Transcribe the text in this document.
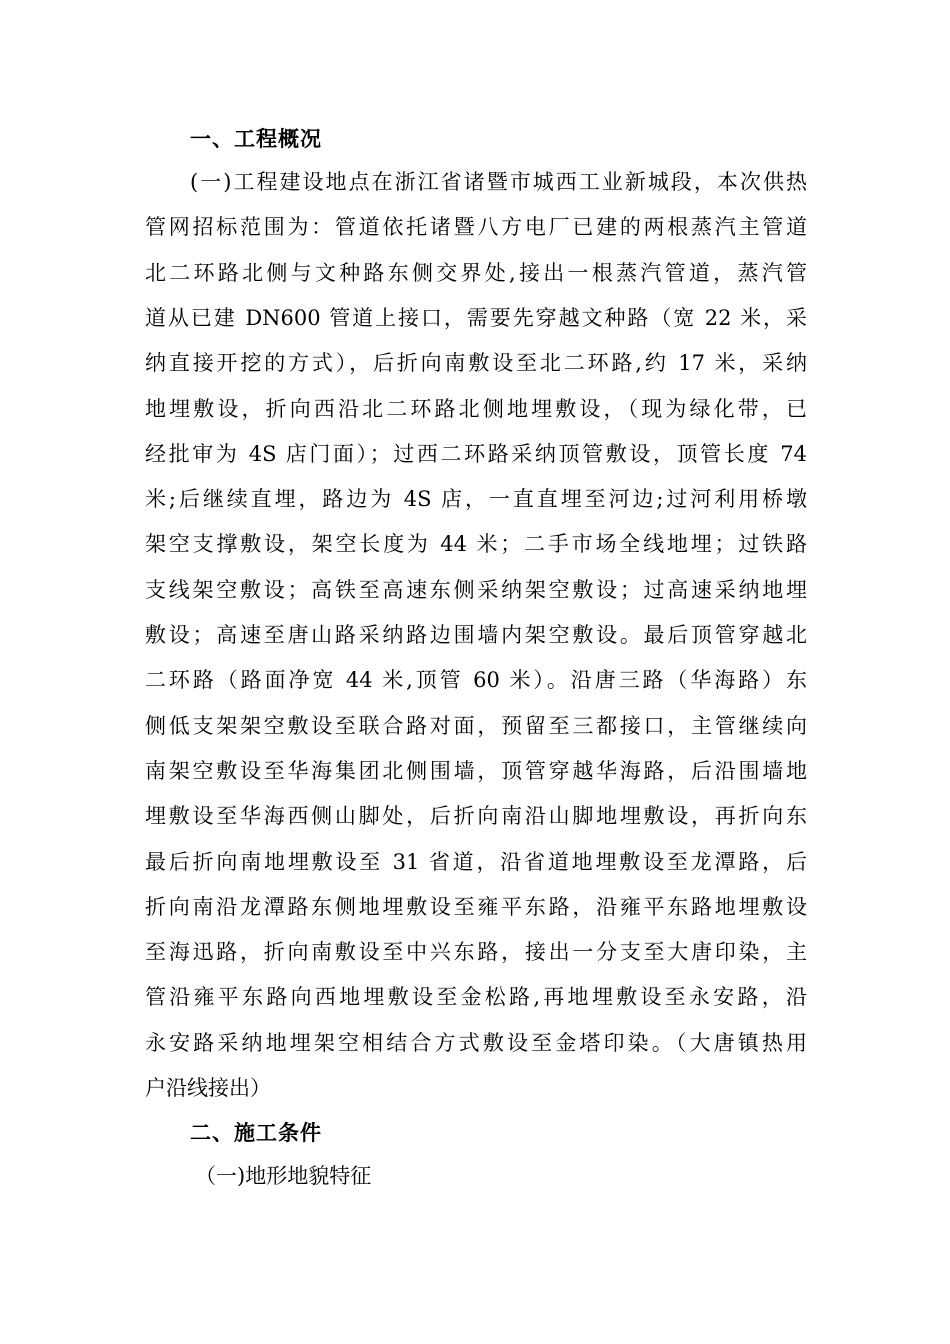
一、工程概况
(一)工程建设地点在浙江省诸暨市城西工业新城段，本次供热
管网招标范围为：管道依托诸暨八方电厂已建的两根蒸汽主管道
北二环路北侧与文种路东侧交界处,接出一根蒸汽管道，蒸汽管
道从已建 DN600 管道上接口，需要先穿越文种路（宽 22 米，采
纳直接开挖的方式），后折向南敷设至北二环路,约 17 米，采纳
地埋敷设，折向西沿北二环路北侧地埋敷设，（现为绿化带，已
经批审为 4S 店门面）；过西二环路采纳顶管敷设，顶管长度 74
米;后继续直埋，路边为 4S 店，一直直埋至河边;过河利用桥墩
架空支撑敷设，架空长度为 44 米；二手市场全线地埋；过铁路
支线架空敷设；高铁至高速东侧采纳架空敷设；过高速采纳地埋
敷设；高速至唐山路采纳路边围墙内架空敷设。最后顶管穿越北
二环路（路面净宽 44 米,顶管 60 米）。沿唐三路（华海路）东
侧低支架架空敷设至联合路对面，预留至三都接口，主管继续向
南架空敷设至华海集团北侧围墙，顶管穿越华海路，后沿围墙地
埋敷设至华海西侧山脚处，后折向南沿山脚地埋敷设，再折向东
最后折向南地埋敷设至 31 省道，沿省道地埋敷设至龙潭路，后
折向南沿龙潭路东侧地埋敷设至雍平东路，沿雍平东路地埋敷设
至海迅路，折向南敷设至中兴东路，接出一分支至大唐印染，主
管沿雍平东路向西地埋敷设至金松路,再地埋敷设至永安路，沿
永安路采纳地埋架空相结合方式敷设至金塔印染。（大唐镇热用
户沿线接出）
二、施工条件
（一)地形地貌特征
